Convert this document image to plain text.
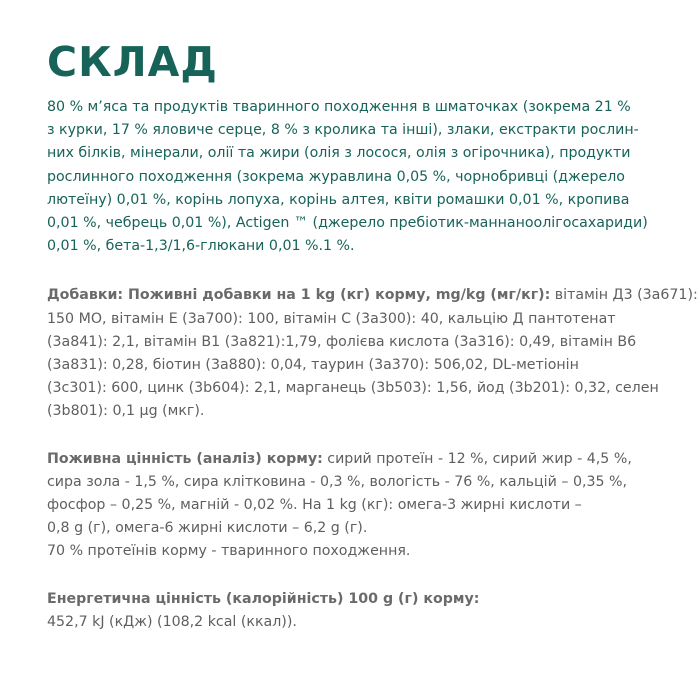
СКЛАД

80 % м’яса та продуктів тваринного походження в шматочках (зокрема 21 %
з курки, 17 % яловиче серце, 8 % з кролика та інші), злаки, екстракти рослин-
них білків, мінерали, олії та жири (олія з лосося, олія з огірочника), продукти
рослинного походження (зокрема журавлина 0,05 %, чорнобривці (джерело
лютеїну) 0,01 %, корінь лопуха, корінь алтея, квіти ромашки 0,01 %, кропива
0,01 %, чебрець 0,01 %), Actigen ™ (джерело пребіотик-маннаноолігосахариди)
0,01 %, бета-1,3/1,6-глюкани 0,01 %.1 %.

Добавки: Поживні добавки на 1 kg (кг) корму, mg/kg (мг/кг): вітамін Д3 (3а671):
150 МО, вітамін Е (3а700): 100, вітамін С (3а300): 40, кальцію Д пантотенат
(3а841): 2,1, вітамін В1 (3а821):1,79, фолієва кислота (3а316): 0,49, вітамін В6
(3а831): 0,28, біотин (3а880): 0,04, таурин (3а370): 506,02, DL-метіонін
(3с301): 600, цинк (3b604): 2,1, марганець (3b503): 1,56, йод (3b201): 0,32, селен
(3b801): 0,1 µg (мкг).

Поживна цінність (аналіз) корму: сирий протеїн - 12 %, сирий жир - 4,5 %,
сира зола - 1,5 %, сира клітковина - 0,3 %, вологість - 76 %, кальцій – 0,35 %,
фосфор – 0,25 %, магній - 0,02 %. На 1 kg (кг): омега-3 жирні кислоти –
0,8 g (г), омега-6 жирні кислоти – 6,2 g (г).
70 % протеїнів корму - тваринного походження.

Енергетична цінність (калорійність) 100 g (г) корму:
452,7 kJ (кДж) (108,2 kcal (ккал)).
